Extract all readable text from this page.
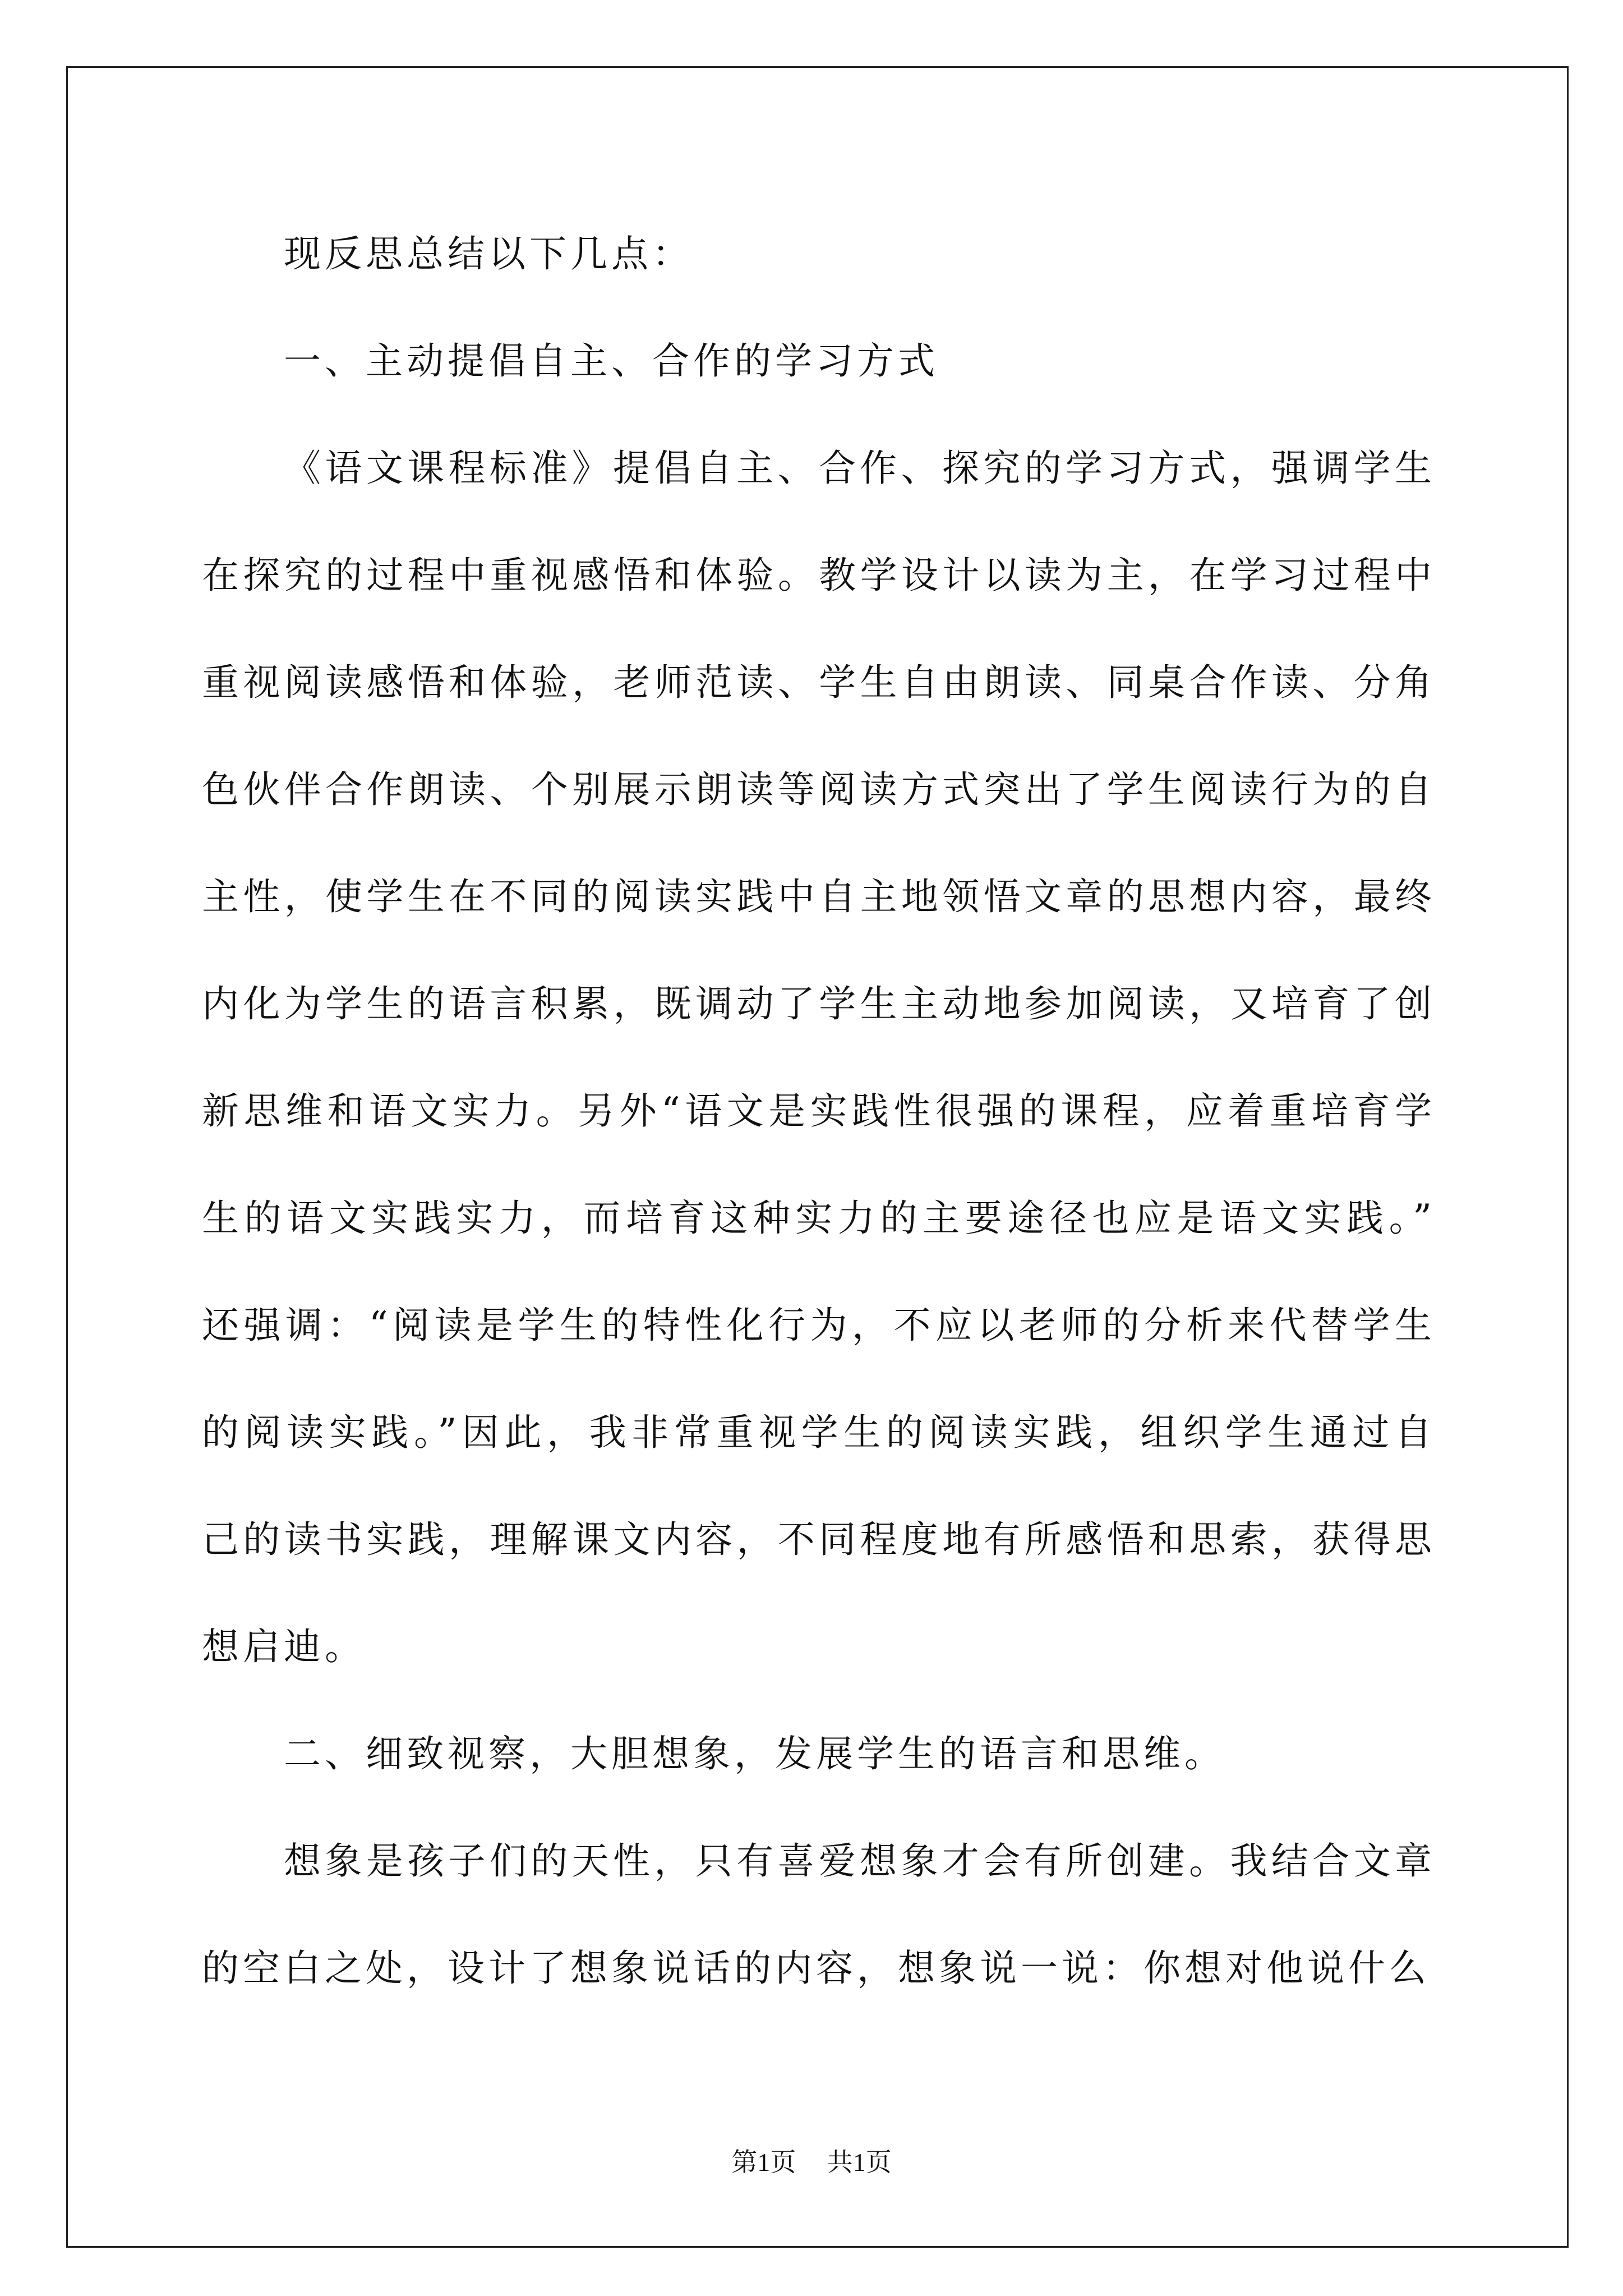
现反思总结以下几点：
一、主动提倡自主、合作的学习方式
《语文课程标准》提倡自主、合作、探究的学习方式，强调学生
在探究的过程中重视感悟和体验。教学设计以读为主，在学习过程中
重视阅读感悟和体验，老师范读、学生自由朗读、同桌合作读、分角
色伙伴合作朗读、个别展示朗读等阅读方式突出了学生阅读行为的自
主性，使学生在不同的阅读实践中自主地领悟文章的思想内容，最终
内化为学生的语言积累，既调动了学生主动地参加阅读，又培育了创
新思维和语文实力。另外“语文是实践性很强的课程，应着重培育学
生的语文实践实力，而培育这种实力的主要途径也应是语文实践。”
还强调：“阅读是学生的特性化行为，不应以老师的分析来代替学生
的阅读实践。”因此，我非常重视学生的阅读实践，组织学生通过自
己的读书实践，理解课文内容，不同程度地有所感悟和思索，获得思
想启迪。
二、细致视察，大胆想象，发展学生的语言和思维。
想象是孩子们的天性，只有喜爱想象才会有所创建。我结合文章
的空白之处，设计了想象说话的内容，想象说一说：你想对他说什么
第1页 共1页
